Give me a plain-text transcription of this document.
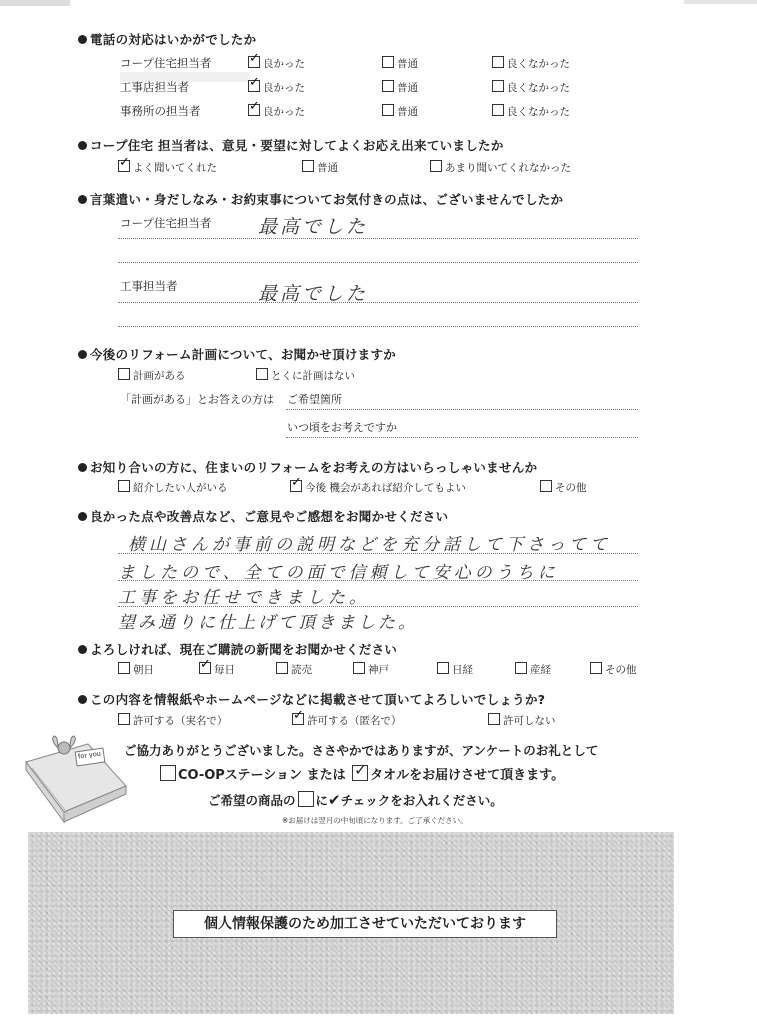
電話の対応はいかがでしたか
コープ住宅担当者 ✓	良かった	普通	良くなかった
工事店担当者 ✓	良かった	普通	良くなかった
事務所の担当者 ✓	良かった	普通	良くなかった
コープ住宅 担当者は、意見・要望に対してよくお応え出来ていましたか
✓よく聞いてくれた	普通	あまり聞いてくれなかった
言葉遣い・身だしなみ・お約束事についてお気付きの点は、ございませんでしたか
コープ住宅担当者 最高でした
工事担当者	最高でした
今後のリフォーム計画について、お聞かせ頂けますか
計画がある	とくに計画はない
「計画がある」とお答えの方は ご希望箇所
いつ頃をお考えですか
お知り合いの方に、住まいのリフォームをお考えの方はいらっしゃいませんか
紹介したい人がいる ✓	今後 機会があれば紹介してもよい	その他
良かった点や改善点など、ご意見やご感想をお聞かせください
横山さんが事前の説明などを充分話して下さってて
ましたので、全ての面で信頼して安心のうちに
工事をお任せできました。
望み通りに仕上げて頂きました。
よろしければ、現在ご購読の新聞をお聞かせください
朝日 ✓	毎日	読売	神戸	日経	産経	その他
この内容を情報紙やホームページなどに掲載させて頂いてよろしいでしょうか?
許可する（実名で） ✓	許可する（匿名で）	許可しない
for you ご協力ありがとうございました。ささやかではありますが、アンケートのお礼として
CO-OPステーション または ✓ タオルをお届けさせて頂きます。
ご希望の商品の に✔チェックをお入れください。
※お届けは翌月の中旬頃になります。ご了承ください。
個人情報保護のため加工させていただいております
